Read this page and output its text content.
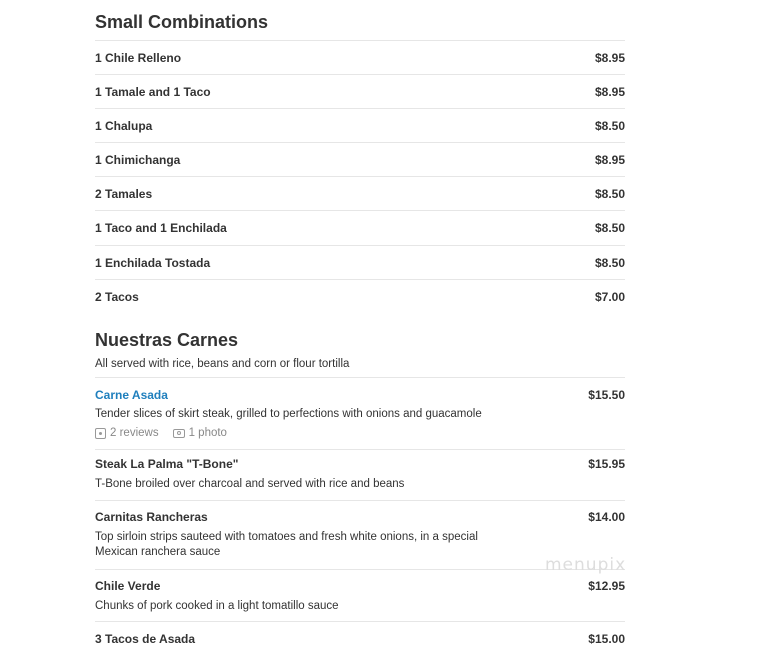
Small Combinations
1 Chile Relleno	$8.95
1 Tamale and 1 Taco	$8.95
1 Chalupa	$8.50
1 Chimichanga	$8.95
2 Tamales	$8.50
1 Taco and 1 Enchilada	$8.50
1 Enchilada Tostada	$8.50
2 Tacos	$7.00
Nuestras Carnes
All served with rice, beans and corn or flour tortilla
Carne Asada	$15.50
Tender slices of skirt steak, grilled to perfections with onions and guacamole
2 reviews	1 photo
Steak La Palma "T-Bone"	$15.95
T-Bone broiled over charcoal and served with rice and beans
Carnitas Rancheras	$14.00
Top sirloin strips sauteed with tomatoes and fresh white onions, in a special Mexican ranchera sauce
Chile Verde	$12.95
Chunks of pork cooked in a light tomatillo sauce
3 Tacos de Asada	$15.00
menupix
